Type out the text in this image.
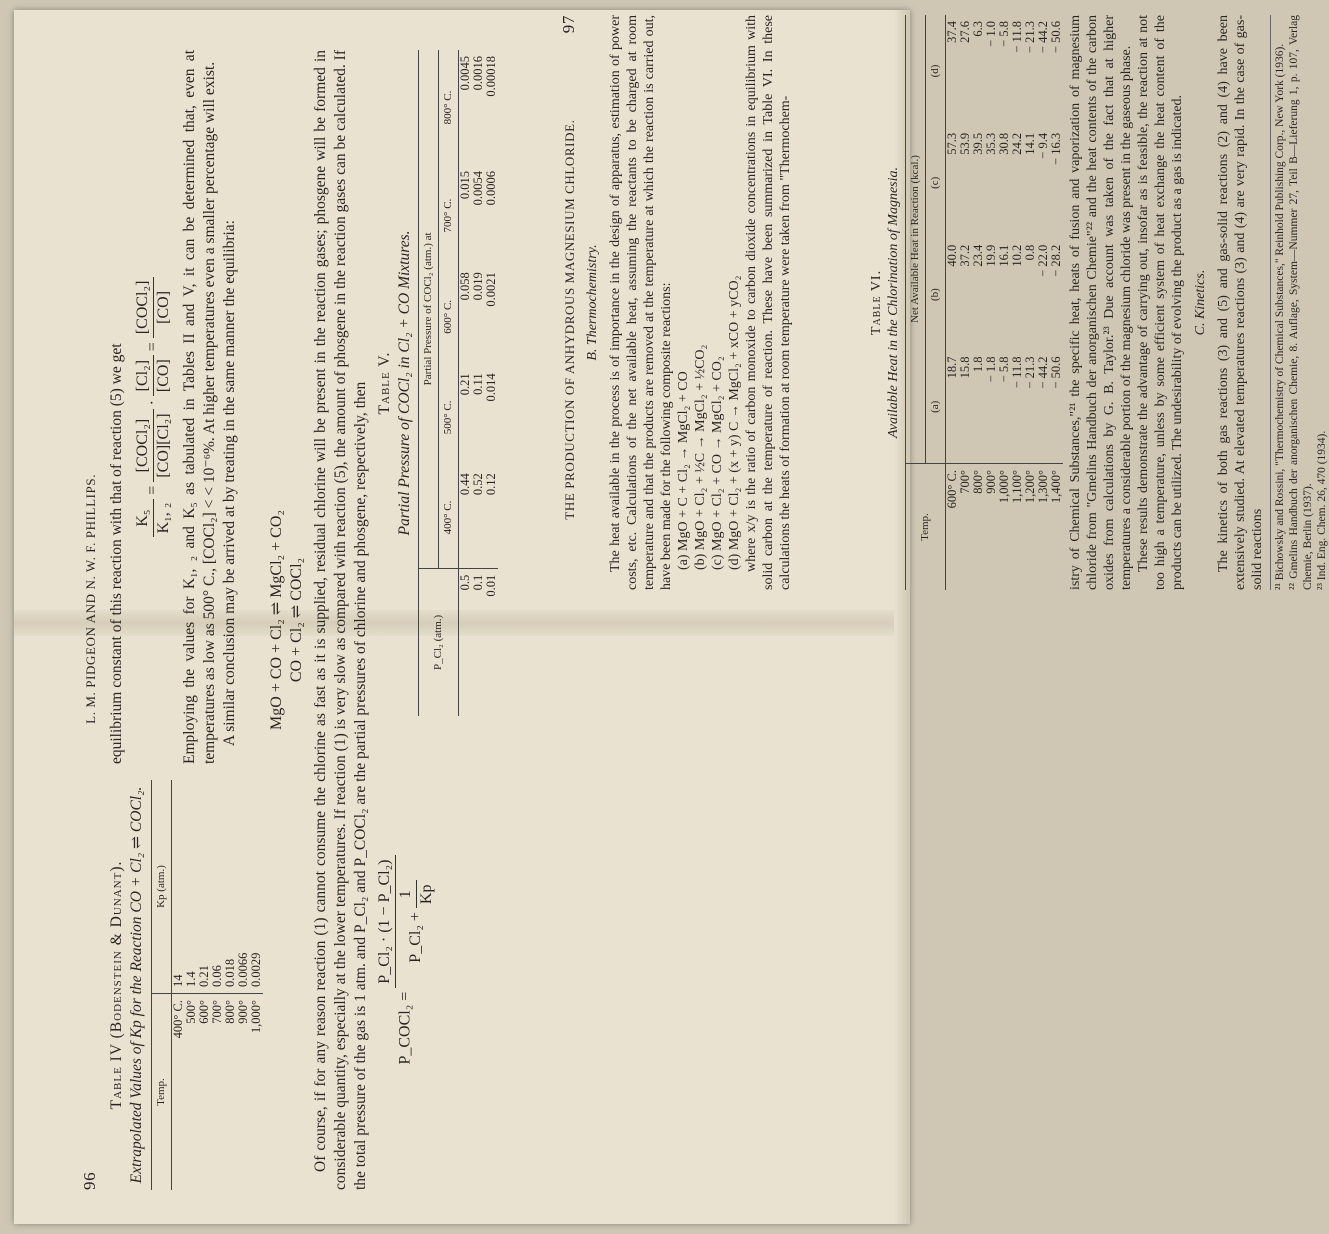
96
L. M. PIDGEON AND N. W. F. PHILLIPS.
Table IV (Bodenstein & Dunant). Extrapolated Values of Kp for the Reaction CO + Cl₂ ⇌ COCl₂. Temp.	Kp (atm.)
400° C.	14
500°	1.4
600°	0.21
700°	0.06
800°	0.018
900°	0.0066
1,000°	0.0029

equilibrium constant of this reaction with that of reaction (5) we get K₅ K₁, ₂
=
[COCl₂] [CO][Cl₂]
·
[Cl₂] [CO]
=
[COCl₂] [CO] Employing the values for K₁, ₂ and K₅ as tabulated in Tables II and V, it can be determined that, even at temperatures as low as 500° C., [COCl₂] < < 10⁻⁶%. At higher temperatures even a smaller percentage will exist. A similar conclusion may be arrived at by treating in the same manner the equilibria: MgO + CO + Cl₂ ⇌ MgCl₂ + CO₂ CO + Cl₂ ⇌ COCl₂ Of course, if for any reason reaction (1) cannot consume the chlorine as fast as it is supplied, residual chlorine will be present in the reaction gases; phosgene will be formed in considerable quantity, especially at the lower temperatures. If reaction (1) is very slow as compared with reaction (5), the amount of phosgene in the reaction gases can be calculated. If the total pressure of the gas is 1 atm. and P_Cl₂ and P_COCl₂ are the partial pressures of chlorine and phosgene, respectively, then	P_COCl₂ =
P_Cl₂ · (1 − P_Cl₂) P_Cl₂ +
1 Kp
Table V. Partial Pressure of COCl₂ in Cl₂ + CO Mixtures.
P_Cl₂ (atm.)	Partial Pressure of COCl₂ (atm.) at				
	400° C.	500° C.	600° C.	700° C.	800° C.
0.5	0.44	0.21	0.058	0.015	0.0045
0.1	0.52	0.11	0.019	0.0054	0.0016
0.01	0.12	0.014	0.0021	0.0006	0.00018
THE PRODUCTION OF ANHYDROUS MAGNESIUM CHLORIDE.
97
B. Thermochemistry. The heat available in the process is of importance in the design of apparatus, estimation of power costs, etc. Calculations of the net available heat, assuming the reactants to be charged at room temperature and that the products are removed at the temperature at which the reaction is carried out, have been made for the following composite reactions: (a) MgO + C + Cl₂ → MgCl₂ + CO (b) MgO + Cl₂ + ½C → MgCl₂ + ½CO₂ (c) MgO + Cl₂ + CO → MgCl₂ + CO₂ (d) MgO + Cl₂ + (x + y) C → MgCl₂ + xCO + yCO₂ where x/y is the ratio of carbon monoxide to carbon dioxide concentrations in equilibrium with solid carbon at the temperature of reaction. These have been summarized in Table VI. In these calculations the heats of formation at room temperature were taken from "Thermochem-	Table VI. Available Heat in the Chlorination of Magnesia.
Temp.	Net Available Heat in Reaction (kcal.)			
	(a)	(b)	(c)	(d)
600° C.	18.7	40.0	57.3	37.4
700°	15.8	37.2	53.9	27.6
800°	1.8	23.4	39.5	6.3
900°	− 1.8	19.9	35.3	− 1.0
1,000°	− 5.8	16.1	30.8	− 5.8
1,100°	− 11.8	10.2	24.2	− 11.8
1,200°	− 21.3	0.8	14.1	− 21.3
1,300°	− 44.2	− 22.0	− 9.4	− 44.2
1,400°	− 50.6	− 28.2	− 16.3	− 50.6 istry of Chemical Substances,"²¹ the specific heat, heats of fusion and vaporization of magnesium chloride from "Gmelins Handbuch der anorganischen Chemie"²² and the heat contents of the carbon oxides from calculations by G. B. Taylor.²³ Due account was taken of the fact that at higher temperatures a considerable portion of the magnesium chloride was present in the gaseous phase. These results demonstrate the advantage of carrying out, insofar as is feasible, the reaction at not too high a temperature, unless by some efficient system of heat exchange the heat content of the products can be utilized. The undesirability of evolving the product as a gas is indicated. C. Kinetics. The kinetics of both gas reactions (3) and (5) and gas-solid reactions (2) and (4) have been extensively studied. At elevated temperatures reactions (3) and (4) are very rapid. In the case of gas-solid reactions ²¹ Bichowsky and Rossini, "Thermochemistry of Chemical Substances," Reinhold Publishing Corp., New York (1936). ²² Gmelins Handbuch der anorganischen Chemie, 8. Auflage, System—Nummer 27, Teil B—Lieferung 1, p. 107, Verlag Chemie, Berlin (1937). ²³ Ind. Eng. Chem. 26, 470 (1934).
